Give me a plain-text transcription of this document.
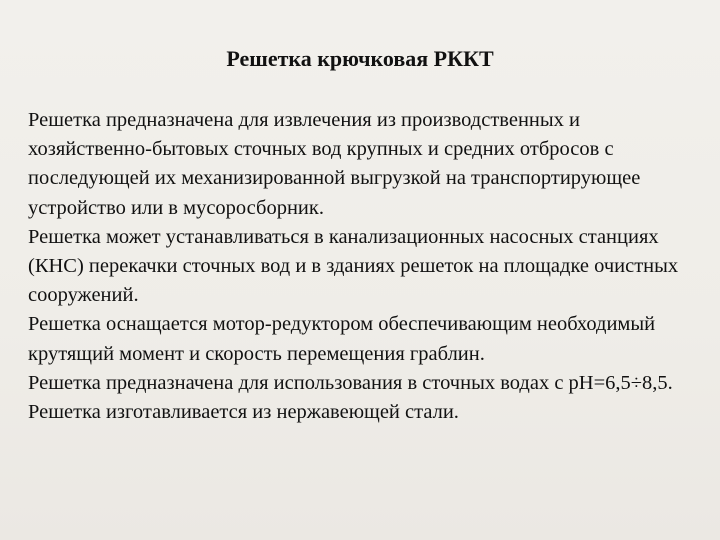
Решетка крючковая РККТ

Решетка предназначена для извлечения из производственных и хозяйственно-бытовых сточных вод крупных и средних отбросов с последующей их механизированной выгрузкой на транспортирующее устройство или в мусоросборник.

Решетка может устанавливаться в канализационных насосных станциях (КНС) перекачки сточных вод и в зданиях решеток на площадке очистных сооружений.

Решетка оснащается мотор-редуктором обеспечивающим необходимый крутящий момент и скорость перемещения граблин.

Решетка предназначена для использования в сточных водах с рН=6,5÷8,5. Решетка изготавливается из нержавеющей стали.
